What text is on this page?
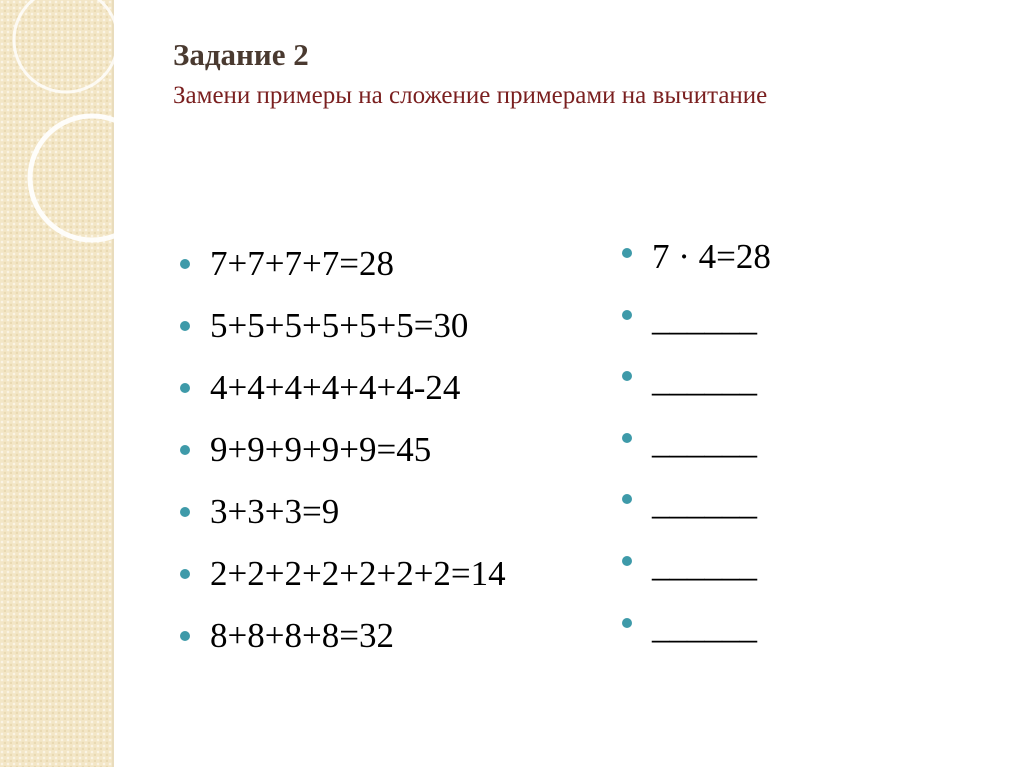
Задание 2
Замени примеры на сложение примерами на вычитание
7+7+7+7=28
5+5+5+5+5+5=30
4+4+4+4+4+4-24
9+9+9+9+9=45
3+3+3=9
2+2+2+2+2+2+2=14
8+8+8+8=32
7 · 4=28
______
______
______
______
______
______
